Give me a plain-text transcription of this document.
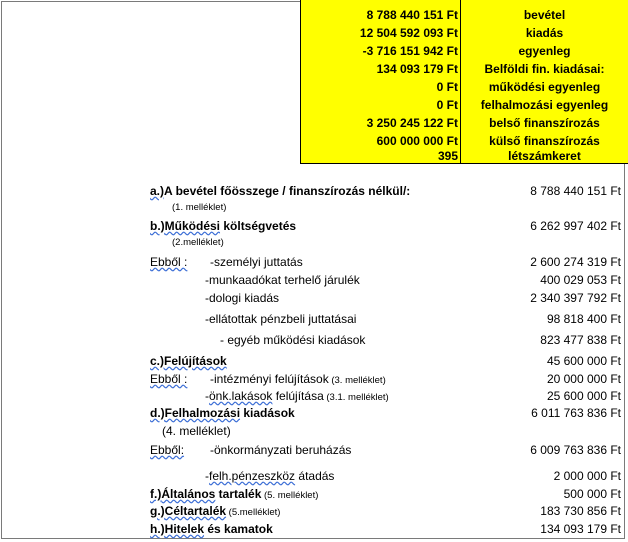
8 788 440 151 Ft	bevétel
12 504 592 093 Ft	kiadás
-3 716 151 942 Ft	egyenleg
134 093 179 Ft	Belföldi fin. kiadásai:
0 Ft	működési egyenleg
0 Ft	felhalmozási egyenleg
3 250 245 122 Ft	belső finanszírozás
600 000 000 Ft	külső finanszírozás
395	létszámkeret
a.)A bevétel főösszege / finanszírozás nélkül/:	8 788 440 151 Ft
(1. melléklet)
b.)Működési költségvetés	6 262 997 402 Ft
(2.melléklet)
Ebből : -személyi juttatás	2 600 274 319 Ft
-munkaadókat terhelő járulék	400 029 053 Ft
-dologi kiadás	2 340 397 792 Ft
-ellátottak pénzbeli juttatásai	98 818 400 Ft
- egyéb működési kiadások	823 477 838 Ft
c.)Felújítások	45 600 000 Ft
Ebből : -intézményi felújítások (3. melléklet)	20 000 000 Ft
-önk.lakások felújítása (3.1. melléklet)	25 600 000 Ft
d.)Felhalmozási kiadások	6 011 763 836 Ft
(4. melléklet)
Ebből: -önkormányzati beruházás	6 009 763 836 Ft
-felh.pénzeszköz átadás	2 000 000 Ft
f.)Általános tartalék (5. melléklet)	500 000 Ft
g.)Céltartalék (5.melléklet)	183 730 856 Ft
h.)Hitelek és kamatok	134 093 179 Ft
